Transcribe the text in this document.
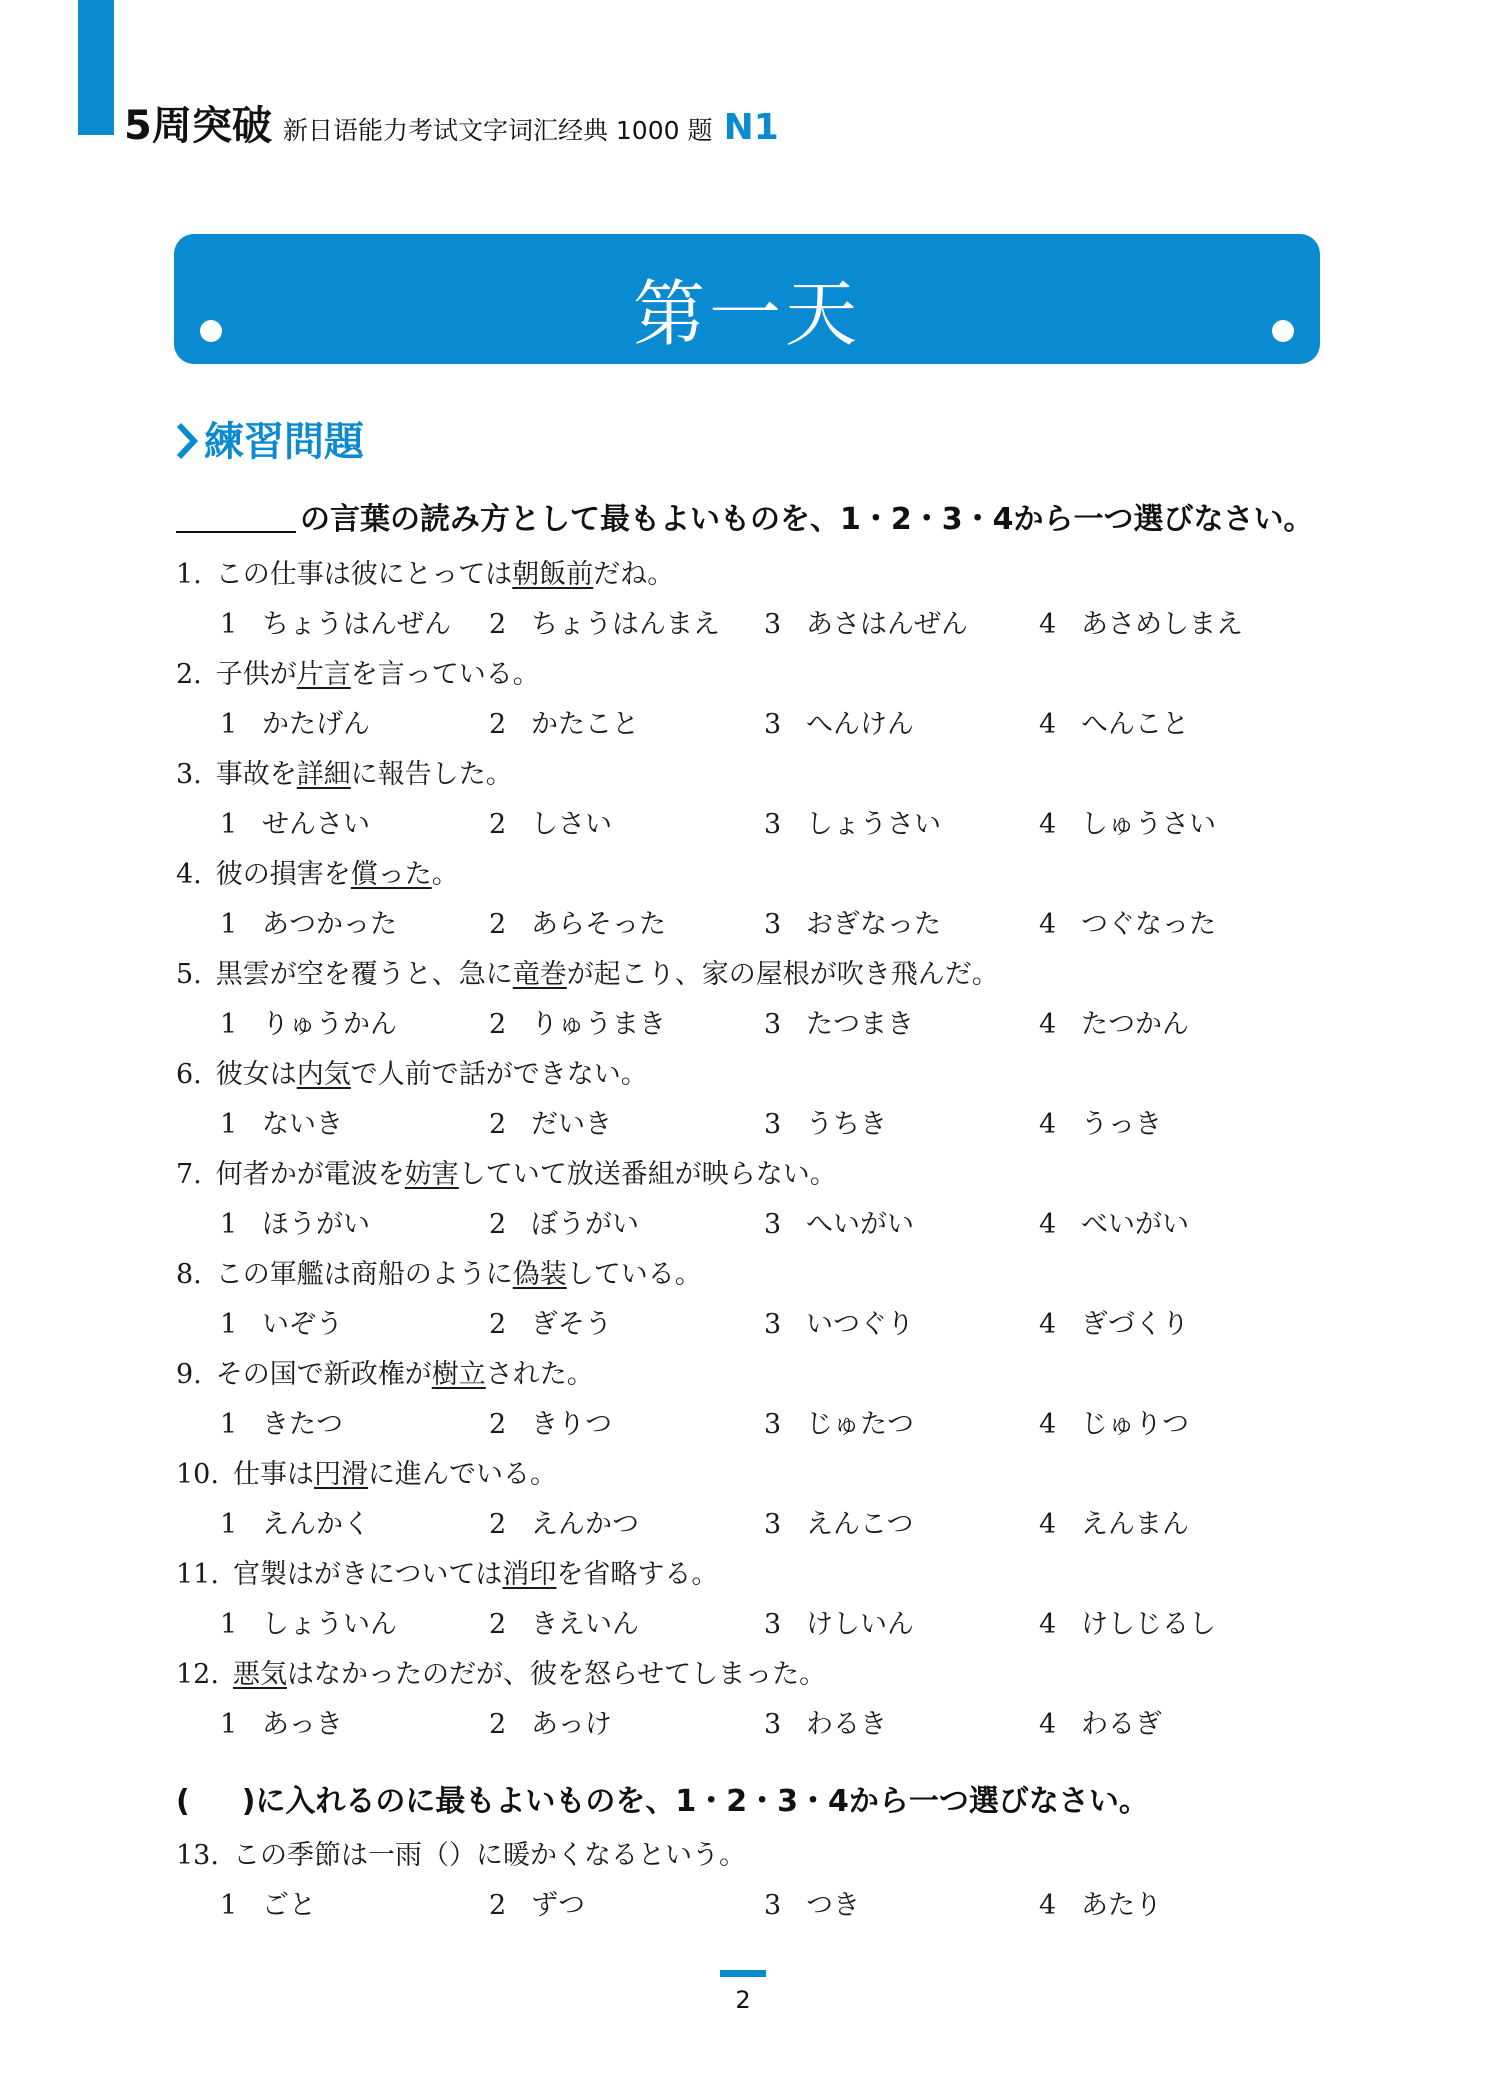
5周突破 新日语能力考试文字词汇经典 1000 题 N1
第一天
練習問題
の言葉の読み方として最もよいものを、1・2・3・4から一つ選びなさい。
1. この仕事は彼にとっては朝飯前だね。
1 ちょうはんぜん 2 ちょうはんまえ 3 あさはんぜん	4 あさめしまえ
2. 子供が片言を言っている。
1 かたげん	2 かたこと	3 へんけん	4 へんこと
3. 事故を詳細に報告した。
1 せんさい	2 しさい	3 しょうさい	4 しゅうさい
4. 彼の損害を償った。
1 あつかった	2 あらそった	3 おぎなった	4 つぐなった
5. 黒雲が空を覆うと、急に竜巻が起こり、家の屋根が吹き飛んだ。
1 りゅうかん	2 りゅうまき	3 たつまき	4 たつかん
6. 彼女は内気で人前で話ができない。
1 ないき	2 だいき	3 うちき	4 うっき
7. 何者かが電波を妨害していて放送番組が映らない。
1 ほうがい	2 ぼうがい	3 へいがい	4 べいがい
8. この軍艦は商船のように偽装している。
1 いぞう	2 ぎそう	3 いつぐり	4 ぎづくり
9. その国で新政権が樹立された。
1 きたつ	2 きりつ	3 じゅたつ	4 じゅりつ
10. 仕事は円滑に進んでいる。
1 えんかく	2 えんかつ	3 えんこつ	4 えんまん
11. 官製はがきについては消印を省略する。
1 しょういん	2 きえいん	3 けしいん	4 けしじるし
12. 悪気はなかったのだが、彼を怒らせてしまった。
1 あっき	2 あっけ	3 わるき	4 わるぎ
( )に入れるのに最もよいものを、1・2・3・4から一つ選びなさい。
13. この季節は一雨（）に暖かくなるという。
1 ごと	2 ずつ	3 つき	4 あたり
2
